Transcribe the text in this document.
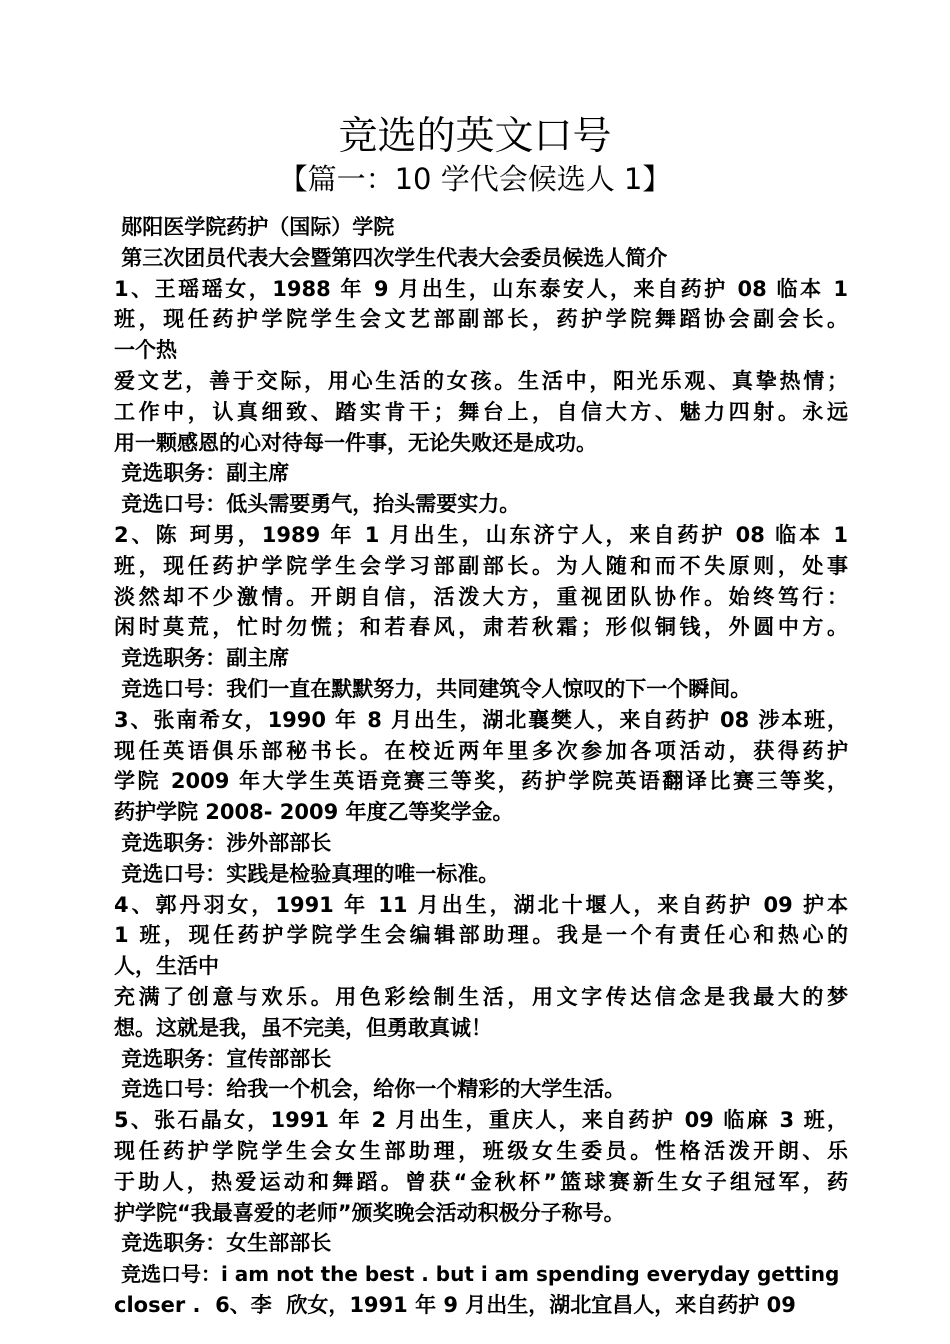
竞选的英文口号
【篇一：10 学代会候选人 1】
郧阳医学院药护（国际）学院
第三次团员代表大会暨第四次学生代表大会委员候选人简介
1、王瑶瑶女，1988 年 9 月出生，山东泰安人，来自药护 08 临本 1
班，现任药护学院学生会文艺部副部长，药护学院舞蹈协会副会长。
一个热
爱文艺，善于交际，用心生活的女孩。生活中，阳光乐观、真挚热情；
工作中，认真细致、踏实肯干；舞台上，自信大方、魅力四射。永远
用一颗感恩的心对待每一件事，无论失败还是成功。
竞选职务：副主席
竞选口号：低头需要勇气，抬头需要实力。
2、陈 珂男，1989 年 1 月出生，山东济宁人，来自药护 08 临本 1
班，现任药护学院学生会学习部副部长。为人随和而不失原则，处事
淡然却不少激情。开朗自信，活泼大方，重视团队协作。始终笃行：
闲时莫荒，忙时勿慌；和若春风，肃若秋霜；形似铜钱，外圆中方。
竞选职务：副主席
竞选口号：我们一直在默默努力，共同建筑令人惊叹的下一个瞬间。
3、张南希女，1990 年 8 月出生，湖北襄樊人，来自药护 08 涉本班，
现任英语俱乐部秘书长。在校近两年里多次参加各项活动，获得药护
学院 2009 年大学生英语竞赛三等奖，药护学院英语翻译比赛三等奖，
药护学院 2008- 2009 年度乙等奖学金。
竞选职务：涉外部部长
竞选口号：实践是检验真理的唯一标准。
4、郭丹羽女，1991 年 11 月出生，湖北十堰人，来自药护 09 护本
1 班，现任药护学院学生会编辑部助理。我是一个有责任心和热心的
人，生活中
充满了创意与欢乐。用色彩绘制生活，用文字传达信念是我最大的梦
想。这就是我，虽不完美，但勇敢真诚！
竞选职务：宣传部部长
竞选口号：给我一个机会，给你一个精彩的大学生活。
5、张石晶女，1991 年 2 月出生，重庆人，来自药护 09 临麻 3 班，
现任药护学院学生会女生部助理，班级女生委员。性格活泼开朗、乐
于助人，热爱运动和舞蹈。曾获“金秋杯”篮球赛新生女子组冠军，药
护学院“我最喜爱的老师”颁奖晚会活动积极分子称号。
竞选职务：女生部部长
竞选口号：i am not the best . but i am spending everyday getting
closer .  6、李  欣女，1991 年 9 月出生，湖北宜昌人，来自药护 09
